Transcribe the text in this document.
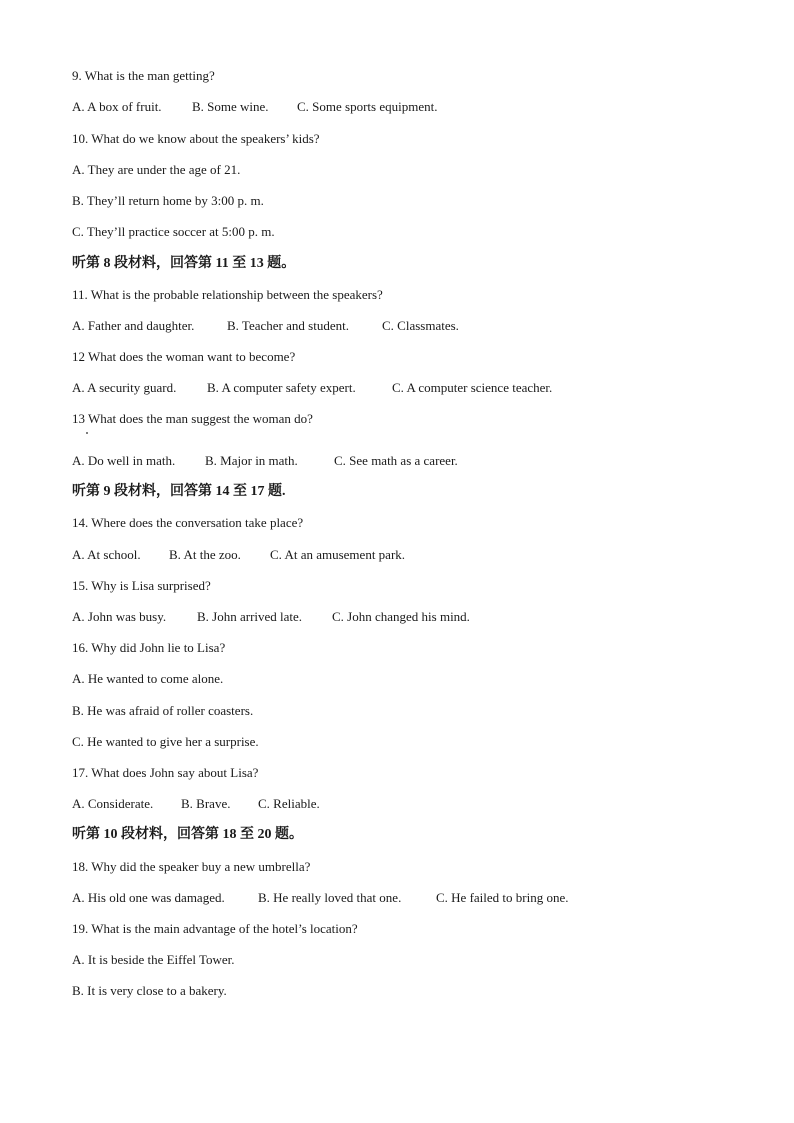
9. What is the man getting?
A. A box of fruit. B. Some wine. C. Some sports equipment.
10. What do we know about the speakers’ kids?
A. They are under the age of 21.
B. They’ll return home by 3:00 p. m.
C. They’ll practice soccer at 5:00 p. m.
听第 8 段材料，回答第 11 至 13 题。
11. What is the probable relationship between the speakers?
A. Father and daughter.	B. Teacher and student.	C. Classmates.
12 What does the woman want to become?
A. A security guard. B. A computer safety expert.	C. A computer science teacher.
13 What does the man suggest the woman do?
A. Do well in math. B. Major in math.	C. See math as a career.
听第 9 段材料，回答第 14 至 17 题.
14. Where does the conversation take place?
A. At school. B. At the zoo. C. At an amusement park.
15. Why is Lisa surprised?
A. John was busy. B. John arrived late. C. John changed his mind.
16. Why did John lie to Lisa?
A. He wanted to come alone.
B. He was afraid of roller coasters.
C. He wanted to give her a surprise.
17. What does John say about Lisa?
A. Considerate. B. Brave. C. Reliable.
听第 10 段材料，回答第 18 至 20 题。
18. Why did the speaker buy a new umbrella?
A. His old one was damaged.	B. He really loved that one.	C. He failed to bring one.
19. What is the main advantage of the hotel’s location?
A. It is beside the Eiffel Tower.
B. It is very close to a bakery.
